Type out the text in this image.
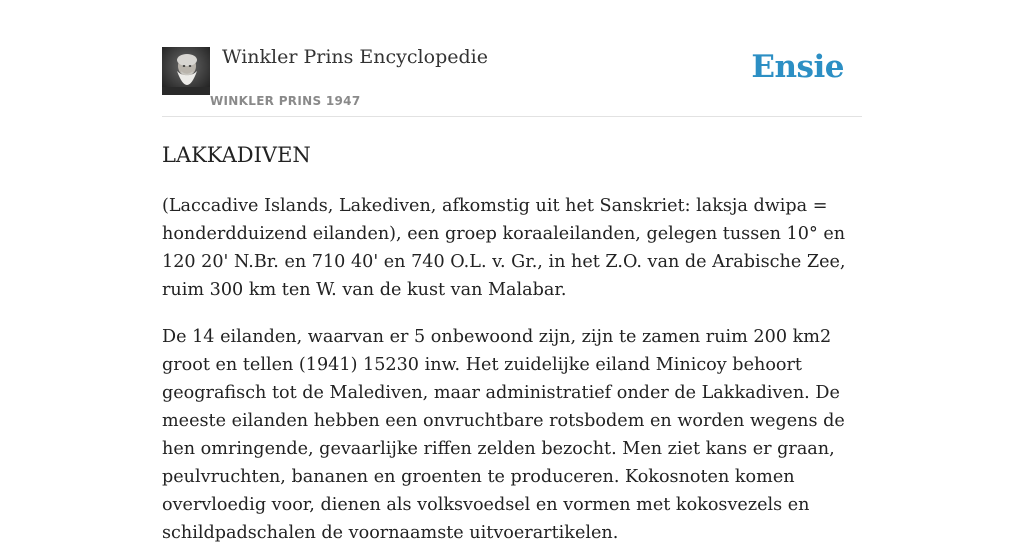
Winkler Prins Encyclopedie
WINKLER PRINS 1947
Ensie
LAKKADIVEN

(Laccadive Islands, Lakediven, afkomstig uit het Sanskriet: laksja dwipa = honderdduizend eilanden), een groep koraaleilanden, gelegen tussen 10° en 120 20' N.Br. en 710 40' en 740 O.L. v. Gr., in het Z.O. van de Arabische Zee, ruim 300 km ten W. van de kust van Malabar.

De 14 eilanden, waarvan er 5 onbewoond zijn, zijn te zamen ruim 200 km2 groot en tellen (1941) 15230 inw. Het zuidelijke eiland Minicoy behoort geografisch tot de Malediven, maar administratief onder de Lakkadiven. De meeste eilanden hebben een onvruchtbare rotsbodem en worden wegens de hen omringende, gevaarlijke riffen zelden bezocht. Men ziet kans er graan, peulvruchten, bananen en groenten te produceren. Kokosnoten komen overvloedig voor, dienen als volksvoedsel en vormen met kokosvezels en schildpadschalen de voornaamste uitvoerartikelen.
